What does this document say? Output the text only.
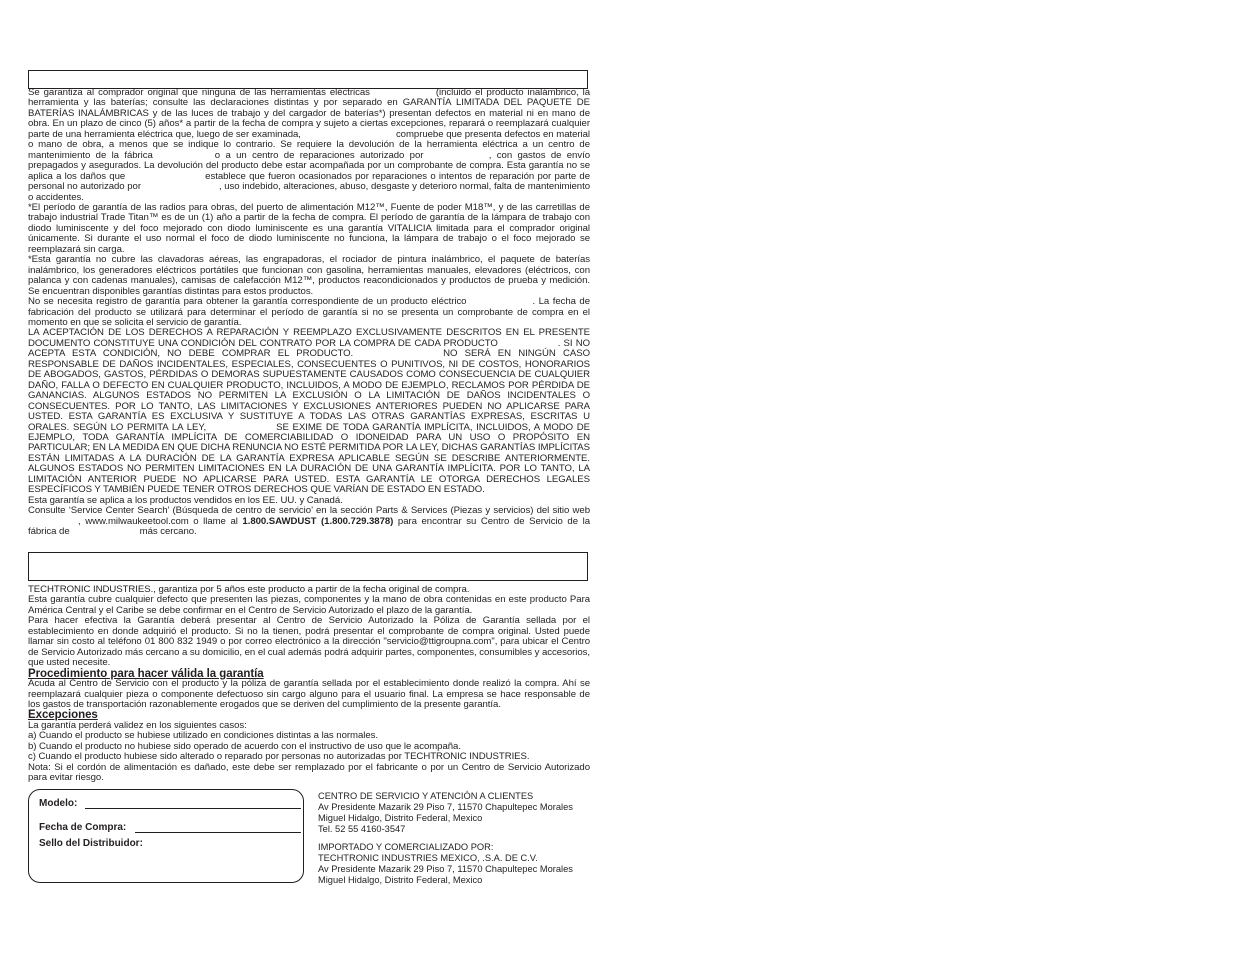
Se garantiza al comprador original que ninguna de las herramientas eléctricas	(incluido el producto inalámbrico, la herramienta y las baterías; consulte las declaraciones distintas y por separado en GARANTÍA LIMITADA DEL PAQUETE DE BATERÍAS INALÁMBRICAS y de las luces de trabajo y del cargador de baterías*) presentan defectos en material ni en mano de obra. En un plazo de cinco (5) años* a partir de la fecha de compra y sujeto a ciertas excepciones, reparará o reemplazará cualquier parte de una herramienta eléctrica que, luego de ser examinada,	compruebe que presenta defectos en material o mano de obra, a menos que se indique lo contrario. Se requiere la devolución de la herramienta eléctrica a un centro de mantenimiento de la fábrica	o a un centro de reparaciones autorizado por	, con gastos de envío prepagados y asegurados. La devolución del producto debe estar acompañada por un comprobante de compra. Esta garantía no se aplica a los daños que	establece que fueron ocasionados por reparaciones o intentos de reparación por parte de personal no autorizado por	, uso indebido, alteraciones, abuso, desgaste y deterioro normal, falta de mantenimiento o accidentes.

*El período de garantía de las radios para obras, del puerto de alimentación M12™, Fuente de poder M18™, y de las carretillas de trabajo industrial Trade Titan™ es de un (1) año a partir de la fecha de compra. El período de garantía de la lámpara de trabajo con diodo luminiscente y del foco mejorado con diodo luminiscente es una garantía VITALICIA limitada para el comprador original únicamente. Si durante el uso normal el foco de diodo luminiscente no funciona, la lámpara de trabajo o el foco mejorado se reemplazará sin carga.

*Esta garantía no cubre las clavadoras aéreas, las engrapadoras, el rociador de pintura inalámbrico, el paquete de baterías inalámbrico, los generadores eléctricos portátiles que funcionan con gasolina, herramientas manuales, elevadores (eléctricos, con palanca y con cadenas manuales), camisas de calefacción M12™, productos reacondicionados y productos de prueba y medición. Se encuentran disponibles garantías distintas para estos productos.

No se necesita registro de garantía para obtener la garantía correspondiente de un producto eléctrico	. La fecha de fabricación del producto se utilizará para determinar el período de garantía si no se presenta un comprobante de compra en el momento en que se solicita el servicio de garantía.

LA ACEPTACIÓN DE LOS DERECHOS A REPARACIÓN Y REEMPLAZO EXCLUSIVAMENTE DESCRITOS EN EL PRESENTE DOCUMENTO CONSTITUYE UNA CONDICIÓN DEL CONTRATO POR LA COMPRA DE CADA PRODUCTO	. SI NO ACEPTA ESTA CONDICIÓN, NO DEBE COMPRAR EL PRODUCTO.	NO SERÁ EN NINGÚN CASO RESPONSABLE DE DAÑOS INCIDENTALES, ESPECIALES, CONSECUENTES O PUNITIVOS, NI DE COSTOS, HONORARIOS DE ABOGADOS, GASTOS, PÉRDIDAS O DEMORAS SUPUESTAMENTE CAUSADOS COMO CONSECUENCIA DE CUALQUIER DAÑO, FALLA O DEFECTO EN CUALQUIER PRODUCTO, INCLUIDOS, A MODO DE EJEMPLO, RECLAMOS POR PÉRDIDA DE GANANCIAS. ALGUNOS ESTADOS NO PERMITEN LA EXCLUSIÓN O LA LIMITACIÓN DE DAÑOS INCIDENTALES O CONSECUENTES. POR LO TANTO, LAS LIMITACIONES Y EXCLUSIONES ANTERIORES PUEDEN NO APLICARSE PARA USTED. ESTA GARANTÍA ES EXCLUSIVA Y SUSTITUYE A TODAS LAS OTRAS GARANTÍAS EXPRESAS, ESCRITAS U ORALES. SEGÚN LO PERMITA LA LEY,	SE EXIME DE TODA GARANTÍA IMPLÍCITA, INCLUIDOS, A MODO DE EJEMPLO, TODA GARANTÍA IMPLÍCITA DE COMERCIABILIDAD O IDONEIDAD PARA UN USO O PROPÓSITO EN PARTICULAR; EN LA MEDIDA EN QUE DICHA RENUNCIA NO ESTÉ PERMITIDA POR LA LEY, DICHAS GARANTÍAS IMPLÍCITAS ESTÁN LIMITADAS A LA DURACIÓN DE LA GARANTÍA EXPRESA APLICABLE SEGÚN SE DESCRIBE ANTERIORMENTE. ALGUNOS ESTADOS NO PERMITEN LIMITACIONES EN LA DURACIÓN DE UNA GARANTÍA IMPLÍCITA. POR LO TANTO, LA LIMITACIÓN ANTERIOR PUEDE NO APLICARSE PARA USTED. ESTA GARANTÍA LE OTORGA DERECHOS LEGALES ESPECÍFICOS Y TAMBIÉN PUEDE TENER OTROS DERECHOS QUE VARÍAN DE ESTADO EN ESTADO.

Esta garantía se aplica a los productos vendidos en los EE. UU. y Canadá.

Consulte ‘Service Center Search’ (Búsqueda de centro de servicio’ en la sección Parts & Services (Piezas y servicios) del sitio web, www.milwaukeetool.com o llame al 1.800.SAWDUST (1.800.729.3878) para encontrar su Centro de Servicio de la fábrica de	más cercano.

TECHTRONIC INDUSTRIES., garantiza por 5 años este producto a partir de la fecha original de compra.

Esta garantía cubre cualquier defecto que presenten las piezas, componentes y la mano de obra contenidas en este producto Para América Central y el Caribe se debe confirmar en el Centro de Servicio Autorizado el plazo de la garantía.

Para hacer efectiva la Garantía deberá presentar al Centro de Servicio Autorizado la Póliza de Garantía sellada por el establecimiento en donde adquirió el producto. Si no la tienen, podrá presentar el comprobante de compra original. Usted puede llamar sin costo al teléfono 01 800 832 1949 o por correo electrónico a la dirección "servicio@ttigroupna.com", para ubicar el Centro de Servicio Autorizado más cercano a su domicilio, en el cual además podrá adquirir partes, componentes, consumibles y accesorios, que usted necesite.

Procedimiento para hacer válida la garantía

Acuda al Centro de Servicio con el producto y la póliza de garantía sellada por el establecimiento donde realizó la compra. Ahí se reemplazará cualquier pieza o componente defectuoso sin cargo alguno para el usuario final. La empresa se hace responsable de los gastos de transportación razonablemente erogados que se deriven del cumplimiento de la presente garantía.

Excepciones

La garantía perderá validez en los siguientes casos:

a) Cuando el producto se hubiese utilizado en condiciones distintas a las normales.

b) Cuando el producto no hubiese sido operado de acuerdo con el instructivo de uso que le acompaña.

c) Cuando el producto hubiese sido alterado o reparado por personas no autorizadas por TECHTRONIC INDUSTRIES.

Nota: Si el cordón de alimentación es dañado, este debe ser remplazado por el fabricante o por un Centro de Servicio Autorizado para evitar riesgo.

Modelo:
Fecha de Compra:
Sello del Distribuidor:

CENTRO DE SERVICIO Y ATENCIÓN A CLIENTES

Av Presidente Mazarik 29 Piso 7, 11570 Chapultepec Morales

Miguel Hidalgo, Distrito Federal, Mexico

Tel. 52 55 4160-3547

IMPORTADO Y COMERCIALIZADO POR:

TECHTRONIC INDUSTRIES MEXICO, .S.A. DE C.V.

Av Presidente Mazarik 29 Piso 7, 11570 Chapultepec Morales

Miguel Hidalgo, Distrito Federal, Mexico
